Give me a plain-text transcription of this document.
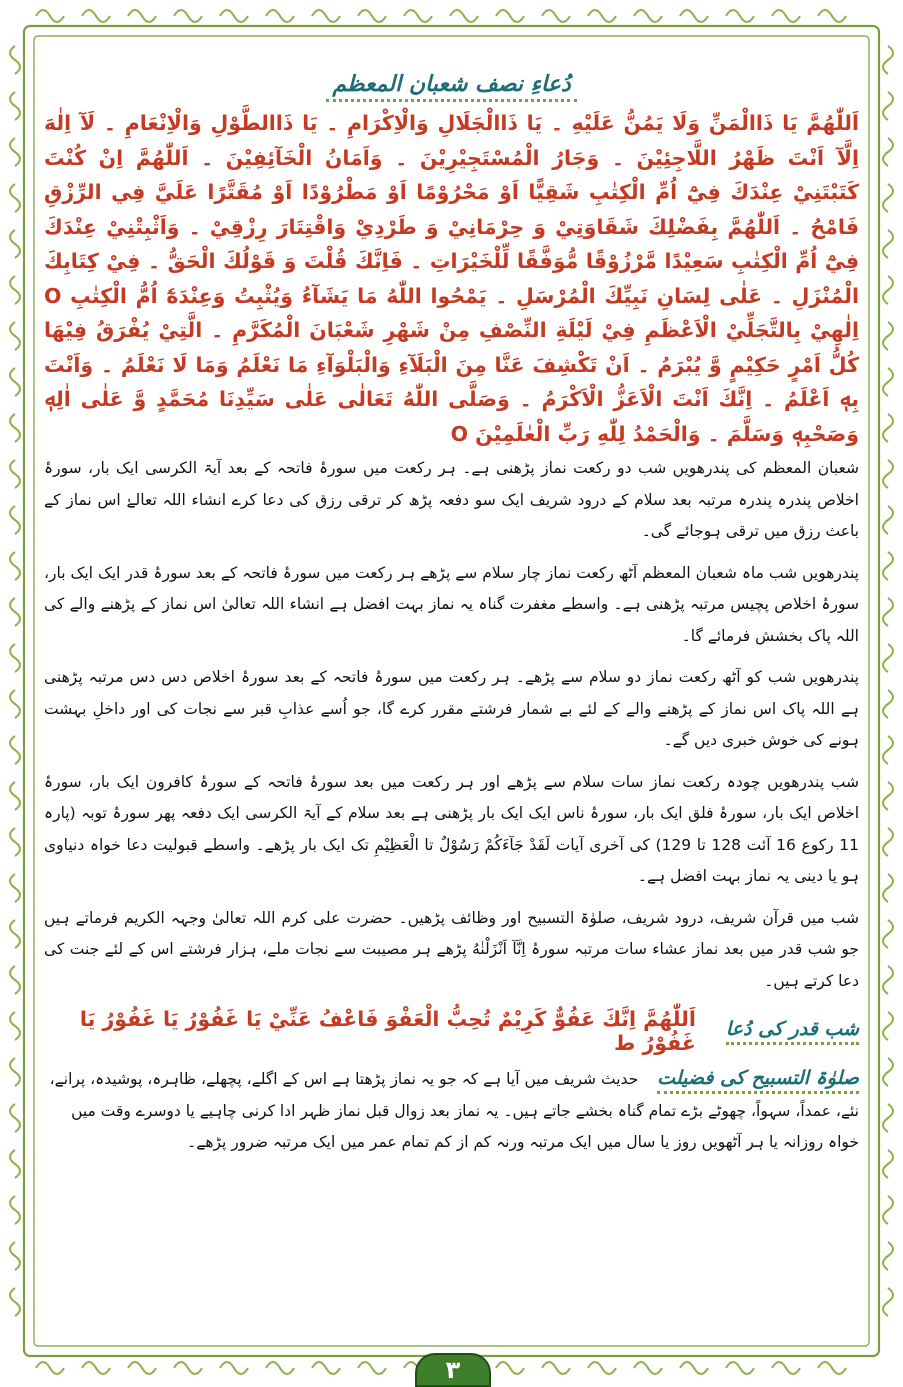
دُعاءِ نصف شعبان المعظم
اَللّٰهُمَّ يَا ذَاالْمَنِّ وَلَا يَمُنُّ عَلَيْهِ ۔ يَا ذَاالْجَلَالِ وَالْاِكْرَامِ ۔ يَا ذَاالطَّوْلِ وَالْاِنْعَامِ ۔ لَآ اِلٰهَ اِلَّآ اَنْتَ ظَهْرُ اللَّاجِئِيْنَ ۔ وَجَارُ الْمُسْتَجِيْرِيْنَ ۔ وَاَمَانُ الْخَآئِفِيْنَ ۔ اَللّٰهُمَّ اِنْ كُنْتَ كَتَبْتَنِيْ عِنْدَكَ فِيْٓ اُمِّ الْكِتٰبِ شَقِيًّا اَوْ مَحْرُوْمًا اَوْ مَطْرُوْدًا اَوْ مُقَتَّرًا عَلَيَّ فِي الرِّزْقِ فَامْحُ ۔ اَللّٰهُمَّ بِفَضْلِكَ شَقَاوَتِيْ وَ حِرْمَانِيْ وَ طَرْدِيْ وَاقْتِتَارَ رِزْقِيْ ۔ وَاَثْبِتْنِيْ عِنْدَكَ فِيْٓ اُمِّ الْكِتٰبِ سَعِيْدًا مَّرْزُوْقًا مُّوَفَّقًا لِّلْخَيْرَاتِ ۔ فَاِنَّكَ قُلْتَ وَ قَوْلُكَ الْحَقُّ ۔ فِيْ كِتَابِكَ الْمُنْزَلِ ۔ عَلٰى لِسَانِ نَبِيِّكَ الْمُرْسَلِ ۔ يَمْحُوا اللّٰهُ مَا يَشَآءُ وَيُثْبِتُ وَعِنْدَهٗٓ اُمُّ الْكِتٰبِ O اِلٰهِيْ بِالتَّجَلِّيْ الْاَعْظَمِ فِيْ لَيْلَةِ النِّصْفِ مِنْ شَهْرِ شَعْبَانَ الْمُكَرَّمِ ۔ الَّتِيْ يُفْرَقُ فِيْهَا كُلُّ اَمْرٍ حَكِيْمٍ وَّ يُبْرَمُ ۔ اَنْ تَكْشِفَ عَنَّا مِنَ الْبَلَآءِ وَالْبَلْوَآءِ مَا نَعْلَمُ وَمَا لَا نَعْلَمُ ۔ وَاَنْتَ بِهٖ اَعْلَمُ ۔ اِنَّكَ اَنْتَ الْاَعَزُّ الْاَكْرَمُ ۔ وَصَلَّى اللّٰهُ تَعَالٰى عَلٰى سَيِّدِنَا مُحَمَّدٍ وَّ عَلٰى اٰلِهٖ وَصَحْبِهٖ وَسَلَّمَ ۔ وَالْحَمْدُ لِلّٰهِ رَبِّ الْعٰلَمِيْنَ O

شعبان المعظم کی پندرھویں شب دو رکعت نماز پڑھنی ہے۔ ہر رکعت میں سورۂ فاتحہ کے بعد آیۃ الکرسی ایک بار، سورۂ اخلاص پندرہ پندرہ مرتبہ بعد سلام کے درود شریف ایک سو دفعہ پڑھ کر ترقی رزق کی دعا کرے انشاء اللہ تعالےٰ اس نماز کے باعث رزق میں ترقی ہوجائے گی۔

پندرھویں شب ماہ شعبان المعظم آٹھ رکعت نماز چار سلام سے پڑھے ہر رکعت میں سورۂ فاتحہ کے بعد سورۂ قدر ایک ایک بار، سورۂ اخلاص پچیس مرتبہ پڑھنی ہے۔ واسطے مغفرت گناہ یہ نماز بہت افضل ہے انشاء اللہ تعالیٰ اس نماز کے پڑھنے والے کی اللہ پاک بخشش فرمائے گا۔

پندرھویں شب کو آٹھ رکعت نماز دو سلام سے پڑھے۔ ہر رکعت میں سورۂ فاتحہ کے بعد سورۂ اخلاص دس دس مرتبہ پڑھنی ہے اللہ پاک اس نماز کے پڑھنے والے کے لئے بے شمار فرشتے مقرر کرے گا، جو اُسے عذابِ قبر سے نجات کی اور داخلِ بہشت ہونے کی خوش خبری دیں گے۔

شب پندرھویں چودہ رکعت نماز سات سلام سے پڑھے اور ہر رکعت میں بعد سورۂ فاتحہ کے سورۂ کافرون ایک بار، سورۂ اخلاص ایک بار، سورۂ فلق ایک بار، سورۂ ناس ایک ایک بار پڑھنی ہے بعد سلام کے آیۃ الکرسی ایک دفعہ پھر سورۂ توبہ (پارہ 11 رکوع 16 آئت 128 تا 129) کی آخری آیات لَقَدْ جَآءَكُمْ رَسُوْلٌ تا الْعَظِيْمِ تک ایک بار پڑھے۔ واسطے قبولیت دعا خواہ دنیاوی ہو یا دینی یہ نماز بہت افضل ہے۔

شب میں قرآن شریف، درود شریف، صلوٰۃ التسبیح اور وظائف پڑھیں۔ حضرت علی کرم اللہ تعالیٰ وجہہ الکریم فرماتے ہیں جو شب قدر میں بعد نماز عشاء سات مرتبہ سورۂ اِنَّآ اَنْزَلْنٰهُ پڑھے ہر مصیبت سے نجات ملے، ہزار فرشتے اس کے لئے جنت کی دعا کرتے ہیں۔

شب قدر کی دُعا
اَللّٰهُمَّ اِنَّكَ عَفُوٌّ كَرِيْمٌ تُحِبُّ الْعَفْوَ فَاعْفُ عَنِّيْ يَا غَفُوْرُ يَا غَفُوْرُ يَا غَفُوْرُ ط
صلوٰۃ التسبیح کی فضیلت حدیث شریف میں آیا ہے کہ جو یہ نماز پڑھتا ہے اس کے اگلے، پچھلے، ظاہرہ، پوشیدہ، پرانے، نئے، عمداً، سہواً، چھوٹے بڑے تمام گناہ بخشے جاتے ہیں۔ یہ نماز بعد زوال قبل نماز ظہر ادا کرنی چاہیے یا دوسرے وقت میں خواہ روزانہ یا ہر آٹھویں روز یا سال میں ایک مرتبہ ورنہ کم از کم تمام عمر میں ایک مرتبہ ضرور پڑھے۔
۳
